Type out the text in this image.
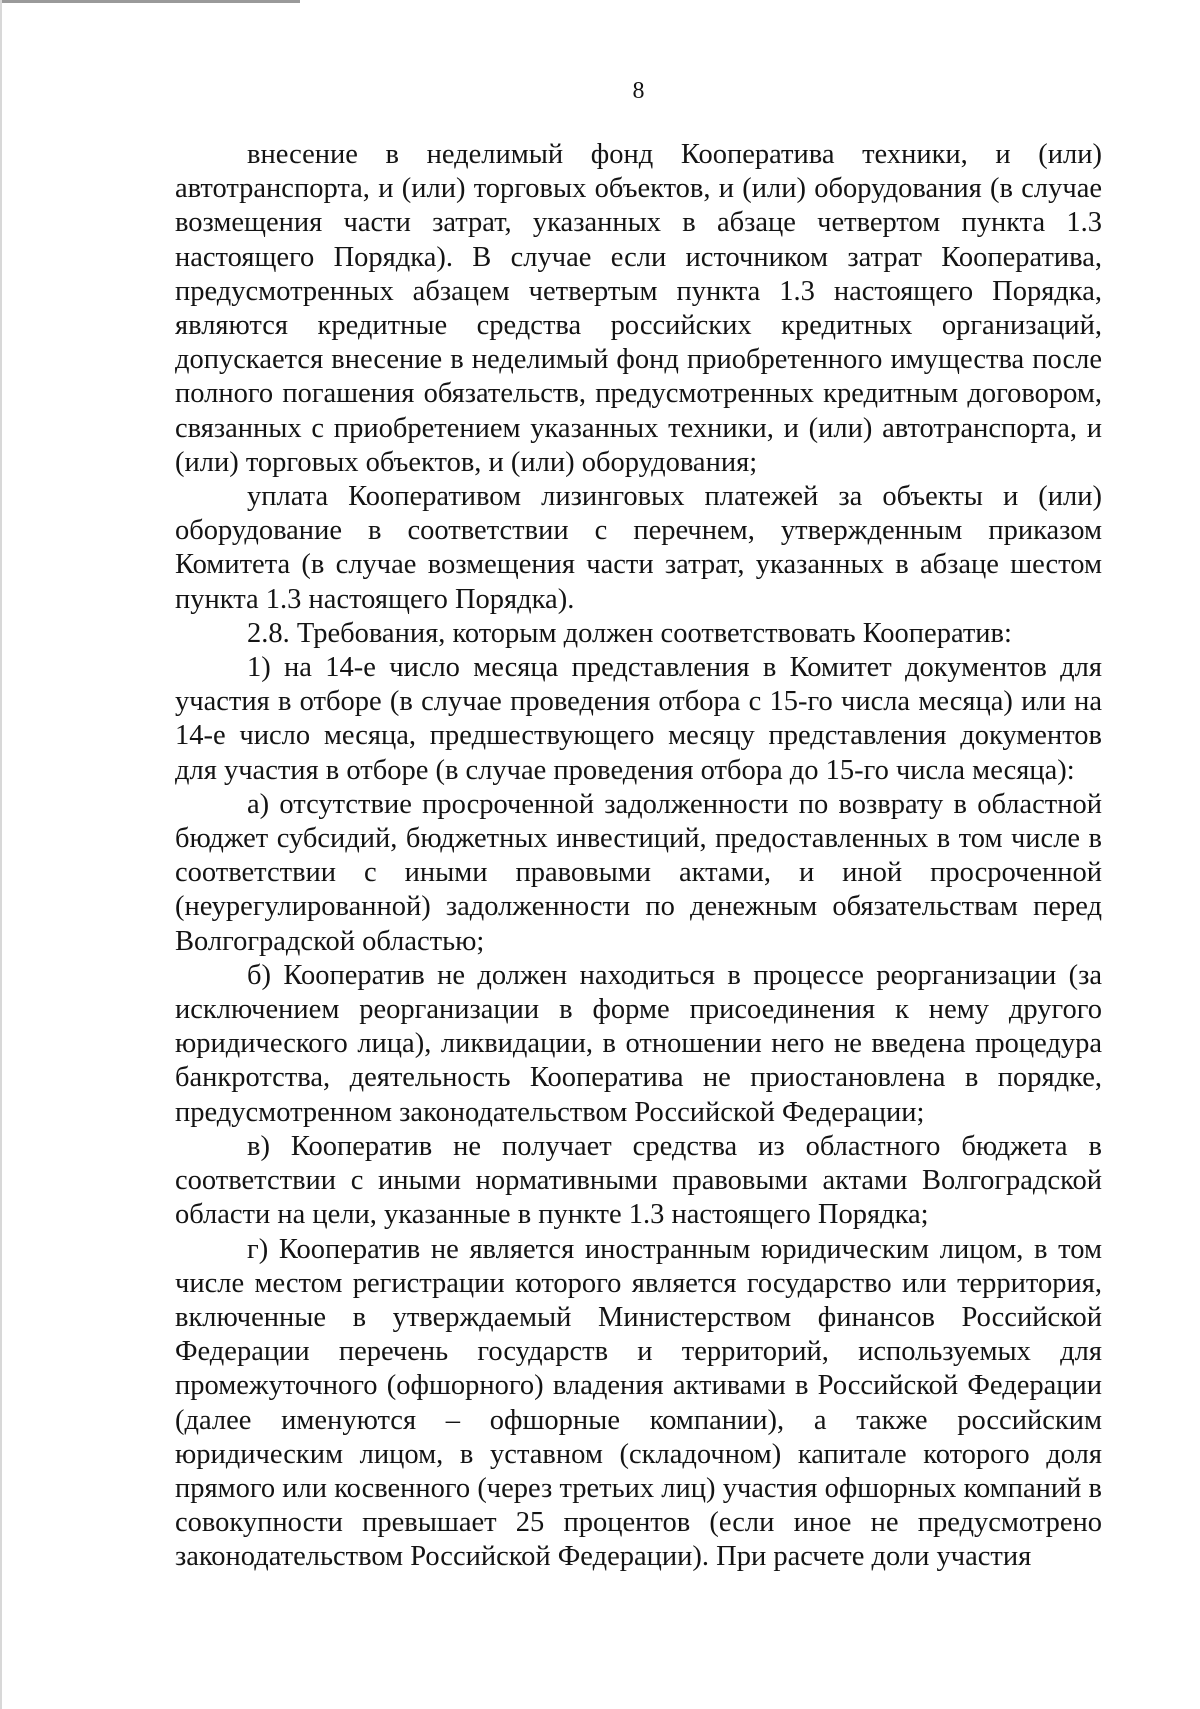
8

внесение в неделимый фонд Кооператива техники, и (или) автотранспорта, и (или) торговых объектов, и (или) оборудования (в случае возмещения части затрат, указанных в абзаце четвертом пункта 1.3 настоящего Порядка). В случае если источником затрат Кооператива, предусмотренных абзацем четвертым пункта 1.3 настоящего Порядка, являются кредитные средства российских кредитных организаций, допускается внесение в неделимый фонд приобретенного имущества после полного погашения обязательств, предусмотренных кредитным договором, связанных с приобретением указанных техники, и (или) автотранспорта, и (или) торговых объектов, и (или) оборудования;

уплата Кооперативом лизинговых платежей за объекты и (или) оборудование в соответствии с перечнем, утвержденным приказом Комитета (в случае возмещения части затрат, указанных в абзаце шестом пункта 1.3 настоящего Порядка).

2.8. Требования, которым должен соответствовать Кооператив:

1) на 14-е число месяца представления в Комитет документов для участия в отборе (в случае проведения отбора с 15-го числа месяца) или на 14-е число месяца, предшествующего месяцу представления документов для участия в отборе (в случае проведения отбора до 15-го числа месяца):

а) отсутствие просроченной задолженности по возврату в областной бюджет субсидий, бюджетных инвестиций, предоставленных в том числе в соответствии с иными правовыми актами, и иной просроченной (неурегулированной) задолженности по денежным обязательствам перед Волгоградской областью;

б) Кооператив не должен находиться в процессе реорганизации (за исключением реорганизации в форме присоединения к нему другого юридического лица), ликвидации, в отношении него не введена процедура банкротства, деятельность Кооператива не приостановлена в порядке, предусмотренном законодательством Российской Федерации;

в) Кооператив не получает средства из областного бюджета в соответствии с иными нормативными правовыми актами Волгоградской области на цели, указанные в пункте 1.3 настоящего Порядка;

г) Кооператив не является иностранным юридическим лицом, в том числе местом регистрации которого является государство или территория, включенные в утверждаемый Министерством финансов Российской Федерации перечень государств и территорий, используемых для промежуточного (офшорного) владения активами в Российской Федерации (далее именуются – офшорные компании), а также российским юридическим лицом, в уставном (складочном) капитале которого доля прямого или косвенного (через третьих лиц) участия офшорных компаний в совокупности превышает 25 процентов (если иное не предусмотрено законодательством Российской Федерации). При расчете доли участия
